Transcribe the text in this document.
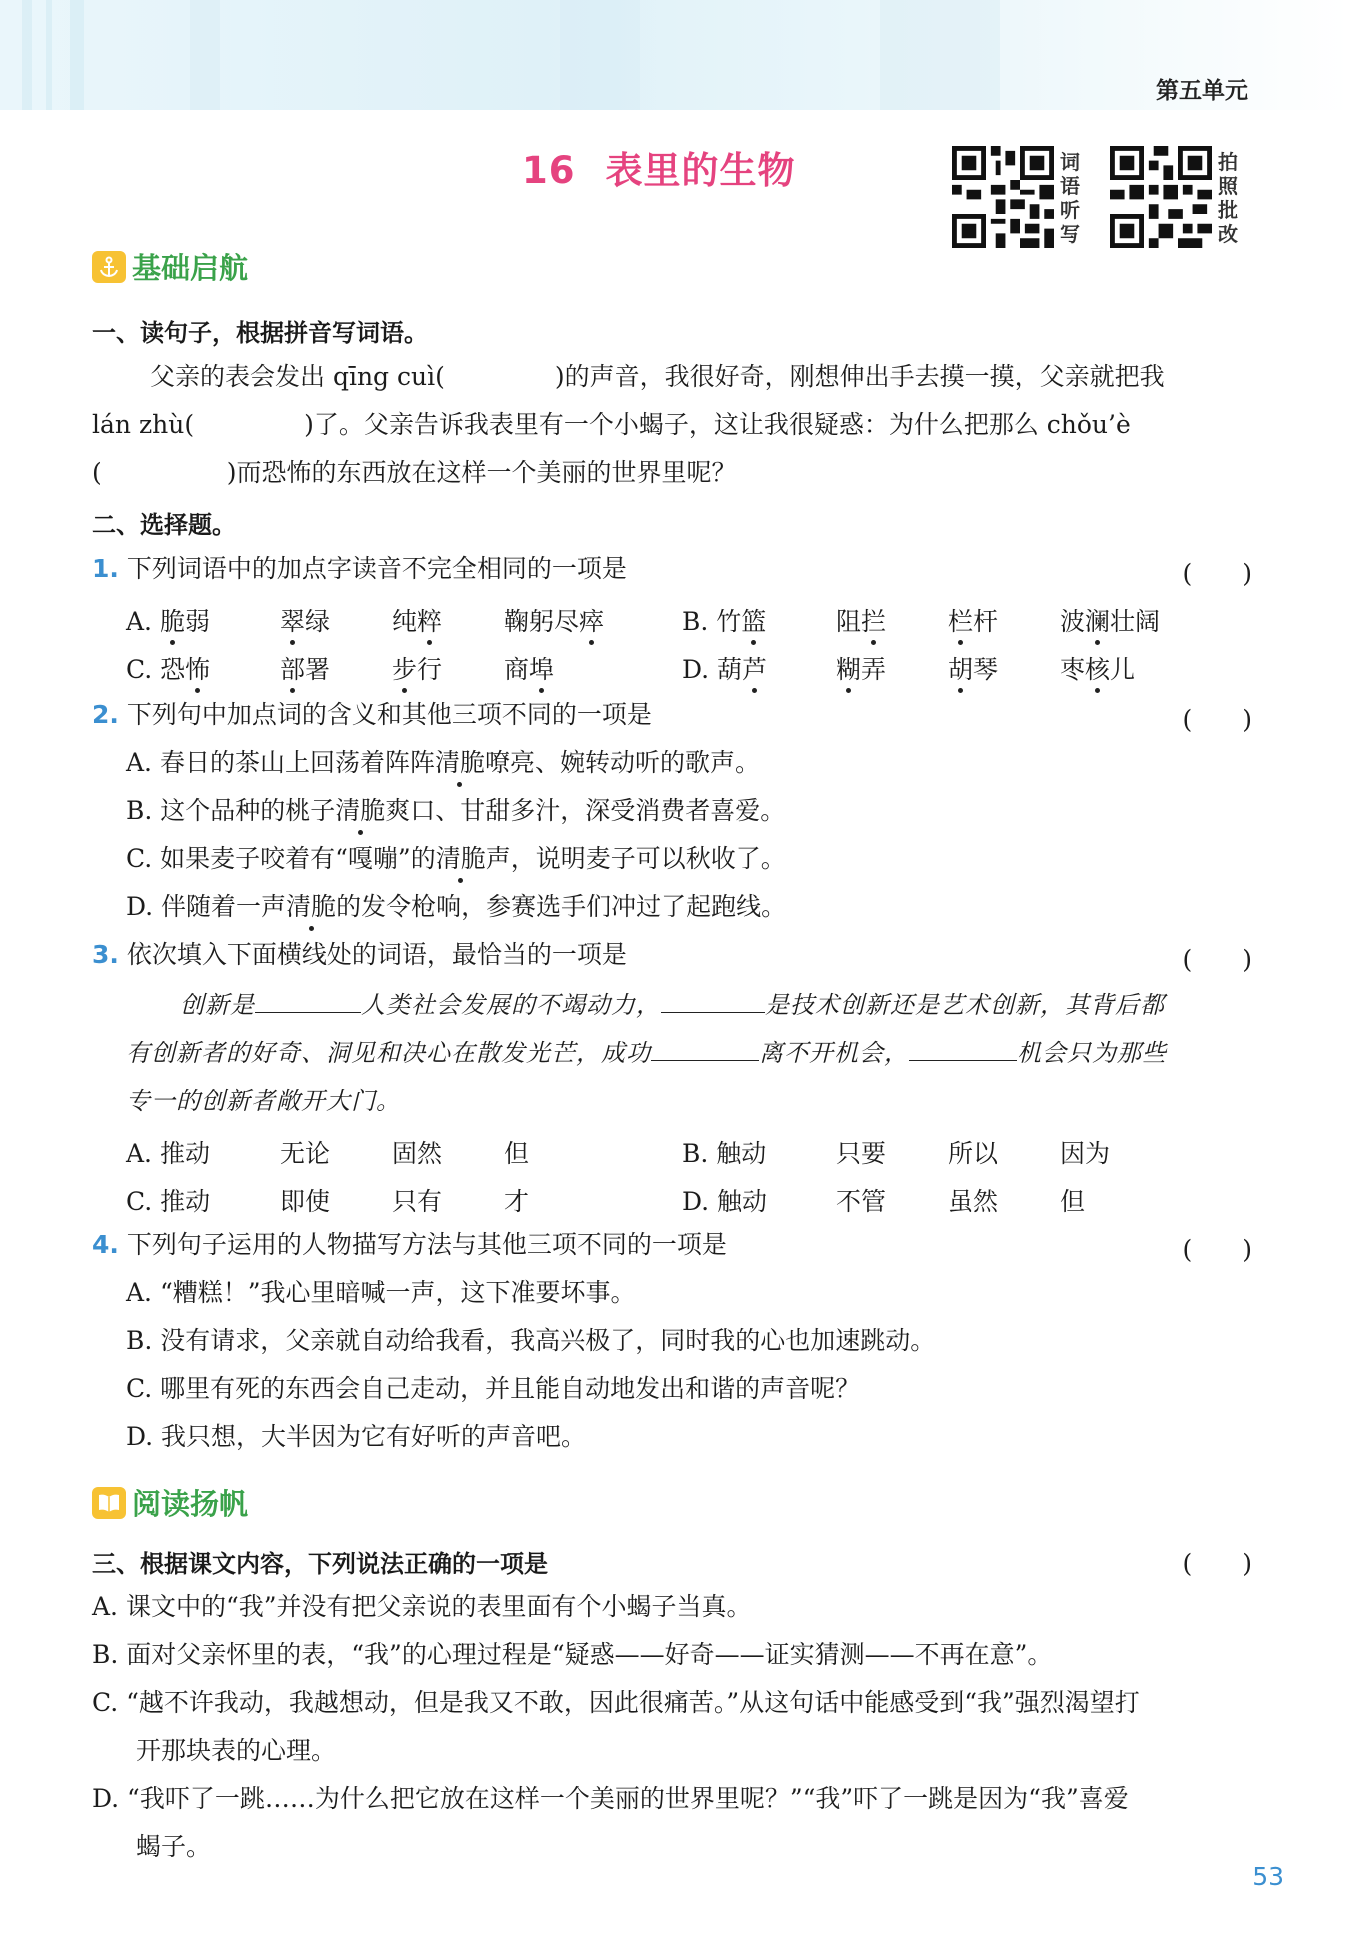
第五单元
16 表里的生物	词语听写
拍照批改
基础启航
一、读句子，根据拼音写词语。
父亲的表会发出 qīng cuì(	)的声音，我很好奇，刚想伸出手去摸一摸，父亲就把我
lán zhù(	)了。父亲告诉我表里有一个小蝎子，这让我很疑惑：为什么把那么 chǒu’è
(	)而恐怖的东西放在这样一个美丽的世界里呢？
二、选择题。
1. 下列词语中的加点字读音不完全相同的一项是	(　　)
A. 脆弱	翠绿 纯粹 鞠躬尽瘁	B. 竹篮	阻拦 栏杆 波澜壮阔
C. 恐怖	部署 步行 商埠	D. 葫芦	糊弄 胡琴 枣核儿
2. 下列句中加点词的含义和其他三项不同的一项是	(　　)
A. 春日的茶山上回荡着阵阵清脆嘹亮、婉转动听的歌声。
B. 这个品种的桃子清脆爽口、甘甜多汁，深受消费者喜爱。
C. 如果麦子咬着有“嘎嘣”的清脆声，说明麦子可以秋收了。
D. 伴随着一声清脆的发令枪响，参赛选手们冲过了起跑线。
3. 依次填入下面横线处的词语，最恰当的一项是	(　　)
创新是	人类社会发展的不竭动力，	是技术创新还是艺术创新，其背后都
有创新者的好奇、洞见和决心在散发光芒，成功	离不开机会，	机会只为那些
专一的创新者敞开大门。
A. 推动	无论 固然 但	B. 触动	只要 所以 因为
C. 推动	即使 只有 才	D. 触动	不管 虽然 但
4. 下列句子运用的人物描写方法与其他三项不同的一项是	(　　)
A. “糟糕！”我心里暗喊一声，这下准要坏事。
B. 没有请求，父亲就自动给我看，我高兴极了，同时我的心也加速跳动。
C. 哪里有死的东西会自己走动，并且能自动地发出和谐的声音呢？
D. 我只想，大半因为它有好听的声音吧。
阅读扬帆
三、根据课文内容，下列说法正确的一项是	(　　)
A. 课文中的“我”并没有把父亲说的表里面有个小蝎子当真。
B. 面对父亲怀里的表，“我”的心理过程是“疑惑——好奇——证实猜测——不再在意”。
C. “越不许我动，我越想动，但是我又不敢，因此很痛苦。”从这句话中能感受到“我”强烈渴望打
开那块表的心理。
D. “我吓了一跳……为什么把它放在这样一个美丽的世界里呢？”“我”吓了一跳是因为“我”喜爱
蝎子。
53
